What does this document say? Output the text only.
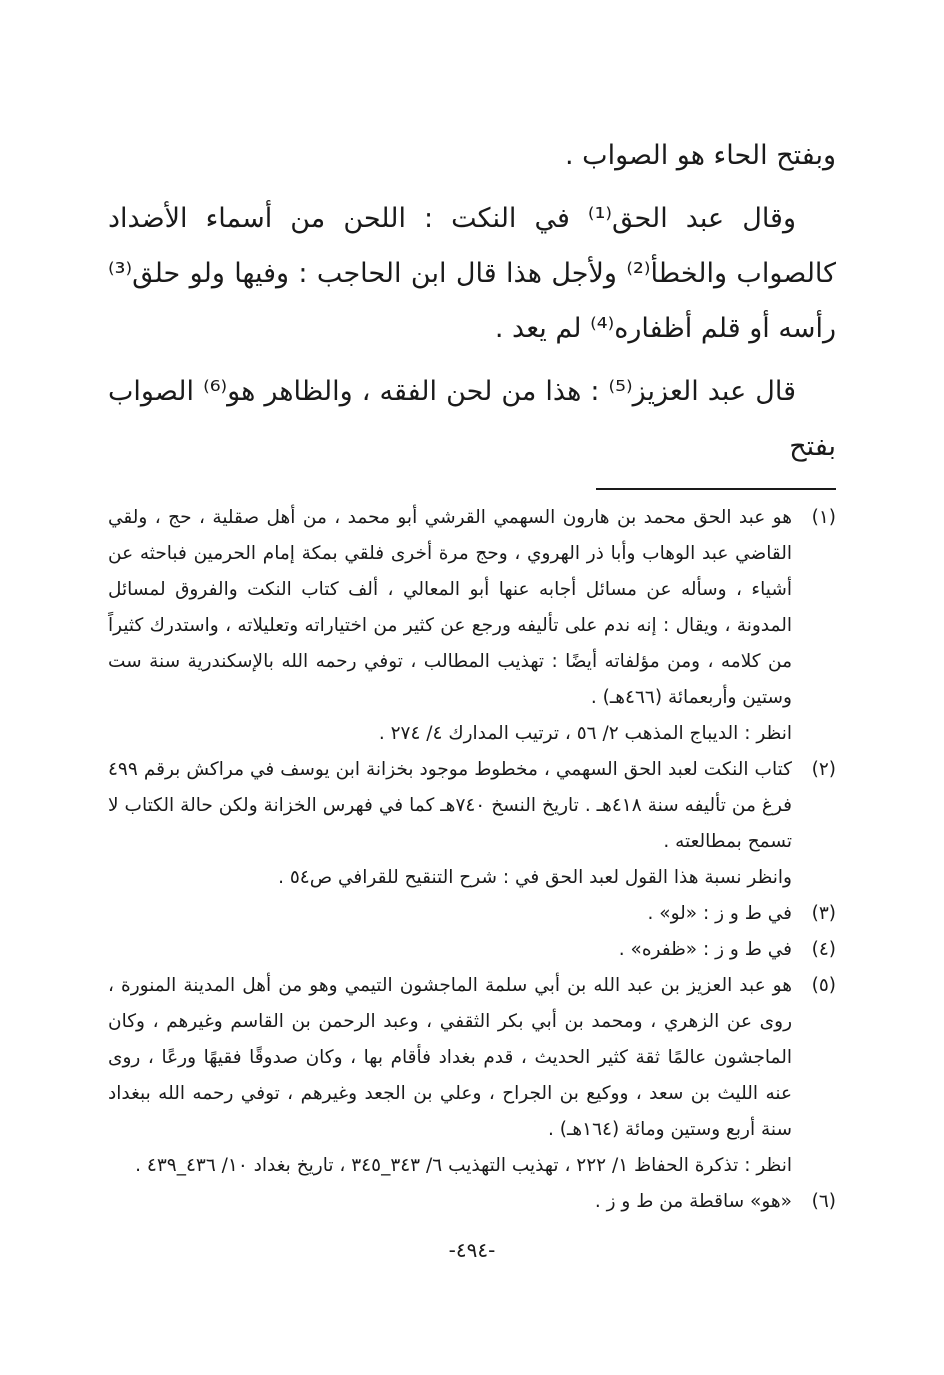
وبفتح الحاء هو الصواب .

وقال عبد الحق⁽¹⁾ في النكت : اللحن من أسماء الأضداد كالصواب والخطأ⁽²⁾ ولأجل هذا قال ابن الحاجب : وفيها ولو حلق⁽³⁾ رأسه أو قلم أظفاره⁽⁴⁾ لم يعد .

قال عبد العزيز⁽⁵⁾ : هذا من لحن الفقه ، والظاهر هو⁽⁶⁾ الصواب بفتح

(١)
هو عبد الحق محمد بن هارون السهمي القرشي أبو محمد ، من أهل صقلية ، حج ، ولقي القاضي عبد الوهاب وأبا ذر الهروي ، وحج مرة أخرى فلقي بمكة إمام الحرمين فباحثه عن أشياء ، وسأله عن مسائل أجابه عنها أبو المعالي ، ألف كتاب النكت والفروق لمسائل المدونة ، ويقال : إنه ندم على تأليفه ورجع عن كثير من اختياراته وتعليلاته ، واستدرك كثيراً من كلامه ، ومن مؤلفاته أيضًا : تهذيب المطالب ، توفي رحمه الله بالإسكندرية سنة ست وستين وأربعمائة (٤٦٦هـ) .
انظر : الديباج المذهب ٢/ ٥٦ ، ترتيب المدارك ٤/ ٢٧٤ .
(٢)
كتاب النكت لعبد الحق السهمي ، مخطوط موجود بخزانة ابن يوسف في مراكش برقم ٤٩٩ فرغ من تأليفه سنة ٤١٨هـ . تاريخ النسخ ٧٤٠هـ كما في فهرس الخزانة ولكن حالة الكتاب لا تسمح بمطالعته .
وانظر نسبة هذا القول لعبد الحق في : شرح التنقيح للقرافي ص٥٤ .
(٣)
في ط و ز : «لو» .
(٤)
في ط و ز : «ظفره» .
(٥)
هو عبد العزيز بن عبد الله بن أبي سلمة الماجشون التيمي وهو من أهل المدينة المنورة ، روى عن الزهري ، ومحمد بن أبي بكر الثقفي ، وعبد الرحمن بن القاسم وغيرهم ، وكان الماجشون عالمًا ثقة كثير الحديث ، قدم بغداد فأقام بها ، وكان صدوقًا فقيهًا ورعًا ، روى عنه الليث بن سعد ، ووكيع بن الجراح ، وعلي بن الجعد وغيرهم ، توفي رحمه الله ببغداد سنة أربع وستين ومائة (١٦٤هـ) .
انظر : تذكرة الحفاظ ١/ ٢٢٢ ، تهذيب التهذيب ٦/ ٣٤٣_٣٤٥ ، تاريخ بغداد ١٠/ ٤٣٦_٤٣٩ .
(٦)
«هو» ساقطة من ط و ز .
-٤٩٤-
